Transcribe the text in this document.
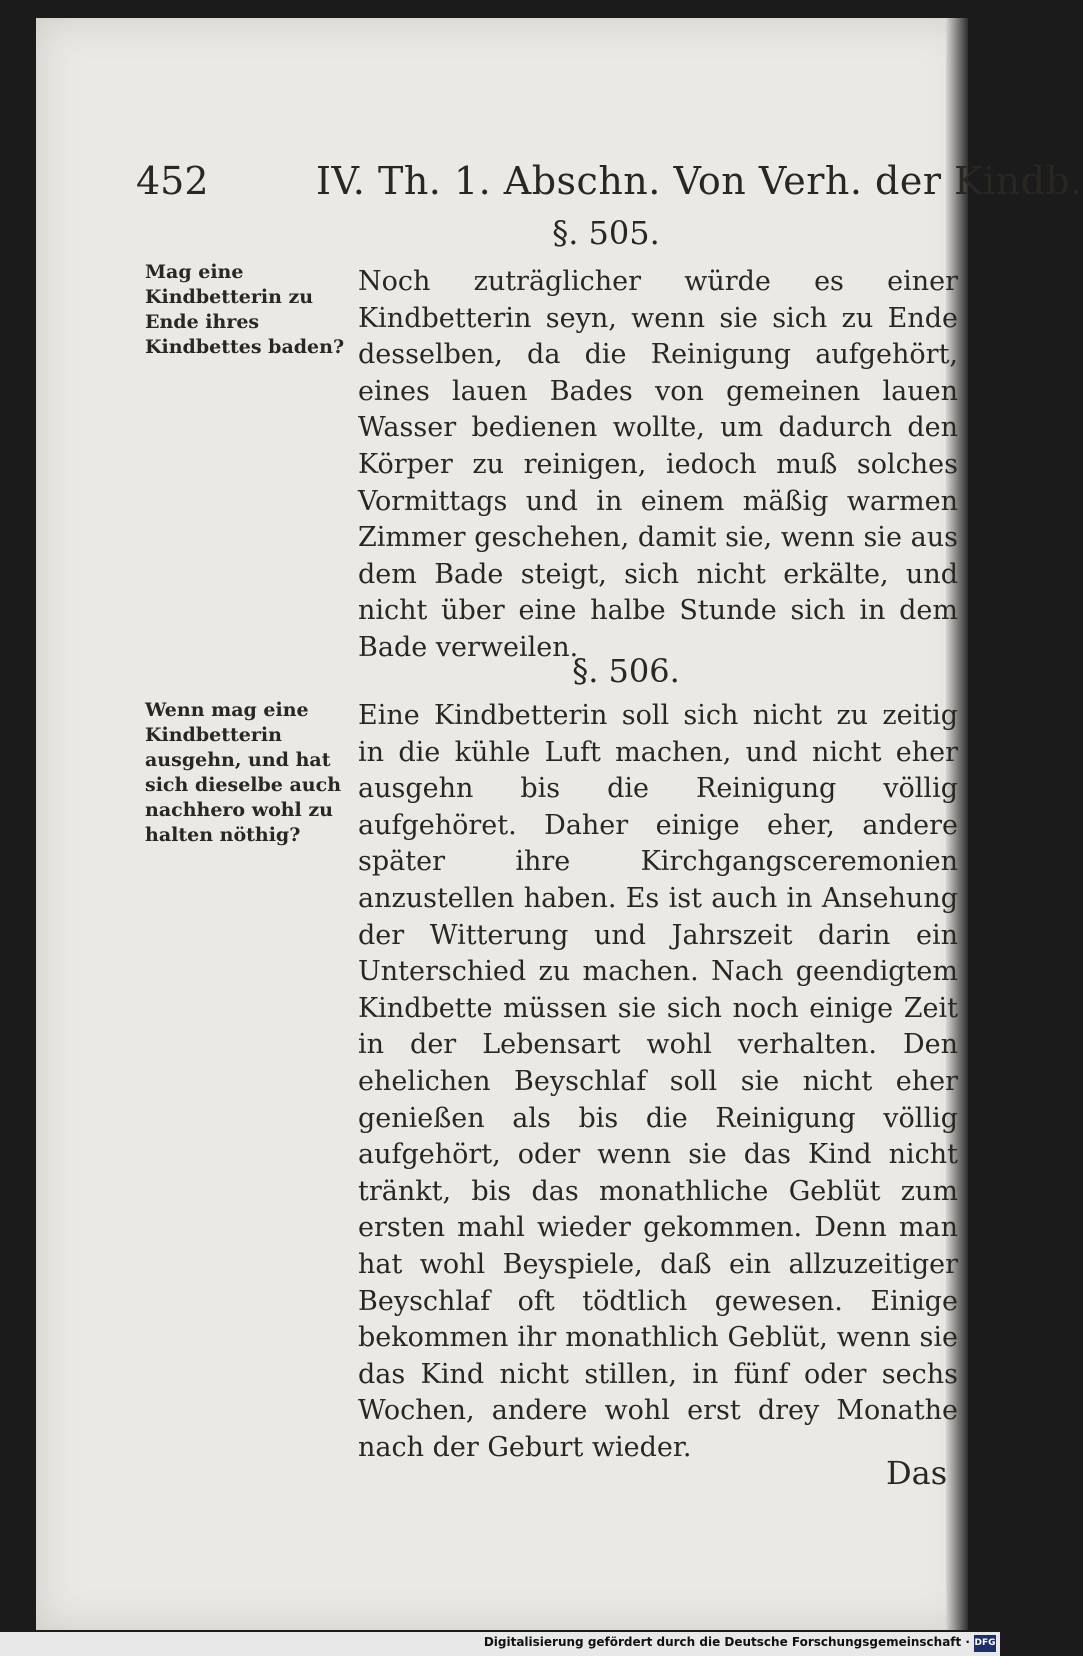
452	IV. Th. 1. Abschn. Von Verh. der Kindb.
§. 505.
Mag eine Kindbetterin zu Ende ihres Kindbettes baden?
Noch zuträglicher würde es einer Kindbetterin seyn, wenn sie sich zu Ende desselben, da die Reinigung aufgehört, eines lauen Bades von gemeinen lauen Wasser bedienen wollte, um dadurch den Körper zu reinigen, iedoch muß solches Vormittags und in einem mäßig warmen Zimmer geschehen, damit sie, wenn sie aus dem Bade steigt, sich nicht erkälte, und nicht über eine halbe Stunde sich in dem Bade verweilen.
§. 506.
Wenn mag eine Kindbetterin ausgehn, und hat sich dieselbe auch nachhero wohl zu halten nöthig?
Eine Kindbetterin soll sich nicht zu zeitig in die kühle Luft machen, und nicht eher ausgehn bis die Reinigung völlig aufgehöret. Daher einige eher, andere später ihre Kirchgangsceremonien anzustellen haben. Es ist auch in Ansehung der Witterung und Jahrszeit darin ein Unterschied zu machen. Nach geendigtem Kindbette müssen sie sich noch einige Zeit in der Lebensart wohl verhalten. Den ehelichen Beyschlaf soll sie nicht eher genießen als bis die Reinigung völlig aufgehört, oder wenn sie das Kind nicht tränkt, bis das monathliche Geblüt zum ersten mahl wieder gekommen. Denn man hat wohl Beyspiele, daß ein allzuzeitiger Beyschlaf oft tödtlich gewesen. Einige bekommen ihr monathlich Geblüt, wenn sie das Kind nicht stillen, in fünf oder sechs Wochen, andere wohl erst drey Monathe nach der Geburt wieder.
Das
Digitalisierung gefördert durch die Deutsche Forschungsgemeinschaft · DFG
